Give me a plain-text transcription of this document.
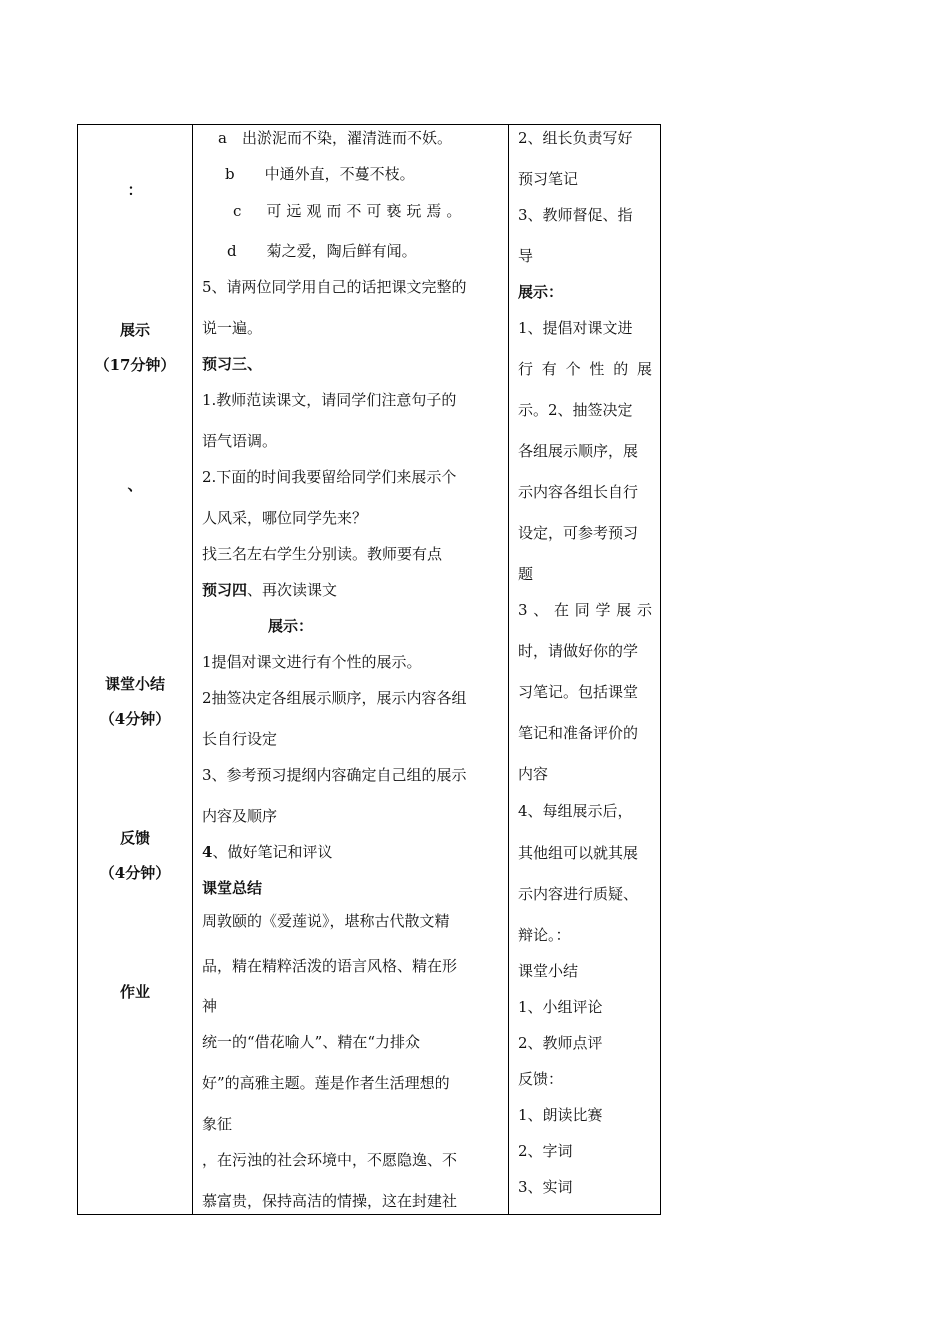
：
展示
（17分钟）
、
课堂小结
（4分钟）
反馈
（4分钟）
作业
a　出淤泥而不染，濯清涟而不妖。
b　　中通外直，不蔓不枝。
c　可远观而不可亵玩焉。
d　　菊之爱，陶后鲜有闻。
5、请两位同学用自己的话把课文完整的
说一遍。
预习三、
1.教师范读课文，请同学们注意句子的
语气语调。
2.下面的时间我要留给同学们来展示个
人风采，哪位同学先来？
找三名左右学生分别读。教师要有点
预习四、再次读课文
展示：
1提倡对课文进行有个性的展示。
2抽签决定各组展示顺序，展示内容各组
长自行设定
3、参考预习提纲内容确定自己组的展示
内容及顺序
4、做好笔记和评议
课堂总结
周敦颐的《爱莲说》，堪称古代散文精
品，精在精粹活泼的语言风格、精在形
神
统一的“借花喻人”、精在“力排众
好”的高雅主题。莲是作者生活理想的
象征
，在污浊的社会环境中，不愿隐逸、不
慕富贵，保持高洁的情操，这在封建社
2、组长负责写好
预习笔记
3、教师督促、指
导
展示：
1、提倡对课文进
行有个性的展
示。2、抽签决定
各组展示顺序，展
示内容各组长自行
设定，可参考预习
题
3、在同学展示
时，请做好你的学
习笔记。包括课堂
笔记和准备评价的
内容
4、每组展示后，
其他组可以就其展
示内容进行质疑、
辩论。：
课堂小结
1、小组评论
2、教师点评
反馈：
1、朗读比赛
2、字词
3、实词
